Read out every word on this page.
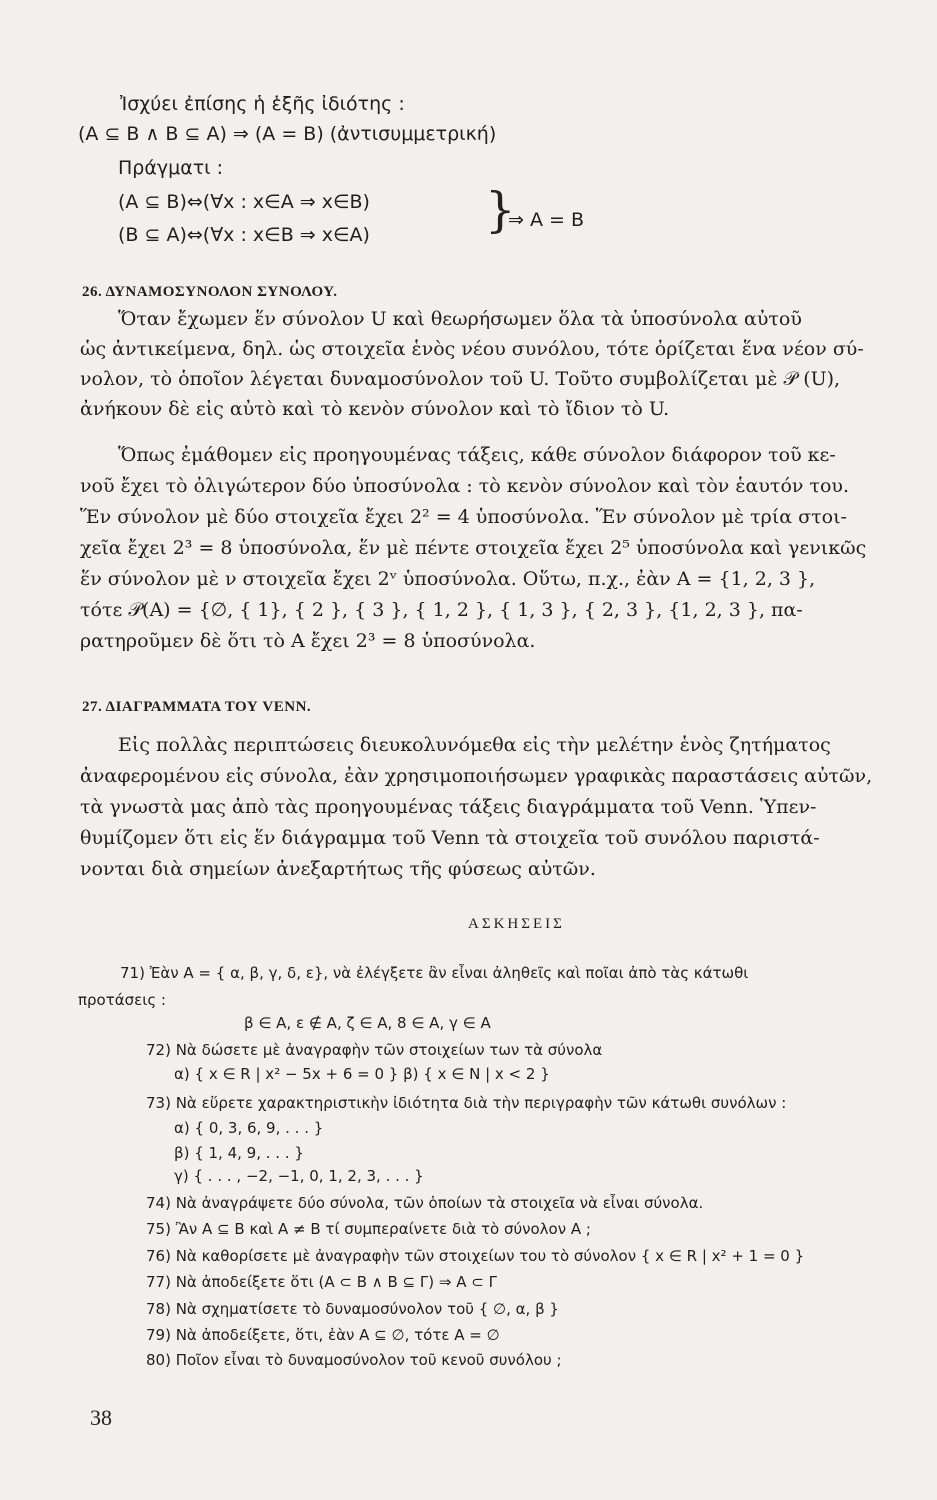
Ἰσχύει ἐπίσης ἡ ἑξῆς ἰδιότης :
(A ⊆ B ∧ B ⊆ A) ⇒ (A = B) (ἀντισυμμετρική)
Πράγματι :
(A ⊆ B)⇔(∀x : x∈A ⇒ x∈B)
(B ⊆ A)⇔(∀x : x∈B ⇒ x∈A) }
⇒ A = B
26. ΔΥΝΑΜΟΣΥΝΟΛΟΝ ΣΥΝΟΛΟΥ.
Ὅταν ἔχωμεν ἕν σύνολον U καὶ θεωρήσωμεν ὅλα τὰ ὑποσύνολα αὐτοῦ
ὡς ἀντικείμενα, δηλ. ὡς στοιχεῖα ἑνὸς νέου συνόλου, τότε ὁρίζεται ἕνα νέον σύ-
νολον, τὸ ὁποῖον λέγεται δυναμοσύνολον τοῦ U. Τοῦτο συμβολίζεται μὲ 𝒫 (U),
ἀνήκουν δὲ εἰς αὐτὸ καὶ τὸ κενὸν σύνολον καὶ τὸ ἴδιον τὸ U.
Ὅπως ἐμάθομεν εἰς προηγουμένας τάξεις, κάθε σύνολον διάφορον τοῦ κε-
νοῦ ἔχει τὸ ὀλιγώτερον δύο ὑποσύνολα : τὸ κενὸν σύνολον καὶ τὸν ἑαυτόν του.
Ἕν σύνολον μὲ δύο στοιχεῖα ἔχει 2² = 4 ὑποσύνολα. Ἕν σύνολον μὲ τρία στοι-
χεῖα ἔχει 2³ = 8 ὑποσύνολα, ἕν μὲ πέντε στοιχεῖα ἔχει 2⁵ ὑποσύνολα καὶ γενικῶς
ἕν σύνολον μὲ ν στοιχεῖα ἔχει 2ᵛ ὑποσύνολα. Οὕτω, π.χ., ἐὰν A = {1, 2, 3 },
τότε 𝒫(A) = {∅, { 1}, { 2 }, { 3 }, { 1, 2 }, { 1, 3 }, { 2, 3 }, {1, 2, 3 }, πα-
ρατηροῦμεν δὲ ὅτι τὸ A ἔχει 2³ = 8 ὑποσύνολα.
27. ΔΙΑΓΡΑΜΜΑΤΑ ΤΟΥ VENN.
Εἰς πολλὰς περιπτώσεις διευκολυνόμεθα εἰς τὴν μελέτην ἑνὸς ζητήματος
ἀναφερομένου εἰς σύνολα, ἐὰν χρησιμοποιήσωμεν γραφικὰς παραστάσεις αὐτῶν,
τὰ γνωστὰ μας ἀπὸ τὰς προηγουμένας τάξεις διαγράμματα τοῦ Venn. Ὑπεν-
θυμίζομεν ὅτι εἰς ἕν διάγραμμα τοῦ Venn τὰ στοιχεῖα τοῦ συνόλου παριστά-
νονται διὰ σημείων ἀνεξαρτήτως τῆς φύσεως αὐτῶν.
ΑΣΚΗΣΕΙΣ
71) Ἐὰν A = { α, β, γ, δ, ε}, νὰ ἐλέγξετε ἂν εἶναι ἀληθεῖς καὶ ποῖαι ἀπὸ τὰς κάτωθι
προτάσεις :
β ∈ A, ε ∉ A, ζ ∈ A, 8 ∈ A, γ ∈ A
72) Νὰ δώσετε μὲ ἀναγραφὴν τῶν στοιχείων των τὰ σύνολα
α) { x ∈ R | x² − 5x + 6 = 0 } β) { x ∈ N | x < 2 }
73) Νὰ εὕρετε χαρακτηριστικὴν ἰδιότητα διὰ τὴν περιγραφὴν τῶν κάτωθι συνόλων :
α) { 0, 3, 6, 9, . . . }
β) { 1, 4, 9, . . . }
γ) { . . . , −2, −1, 0, 1, 2, 3, . . . }
74) Νὰ ἀναγράψετε δύο σύνολα, τῶν ὁποίων τὰ στοιχεῖα νὰ εἶναι σύνολα.
75) Ἂν A ⊆ B καὶ A ≠ B τί συμπεραίνετε διὰ τὸ σύνολον A ;
76) Νὰ καθορίσετε μὲ ἀναγραφὴν τῶν στοιχείων του τὸ σύνολον { x ∈ R | x² + 1 = 0 }
77) Νὰ ἀποδείξετε ὅτι (A ⊂ B ∧ B ⊆ Γ) ⇒ A ⊂ Γ
78) Νὰ σχηματίσετε τὸ δυναμοσύνολον τοῦ { ∅, α, β }
79) Νὰ ἀποδείξετε, ὅτι, ἐὰν A ⊆ ∅, τότε A = ∅
80) Ποῖον εἶναι τὸ δυναμοσύνολον τοῦ κενοῦ συνόλου ;
38
